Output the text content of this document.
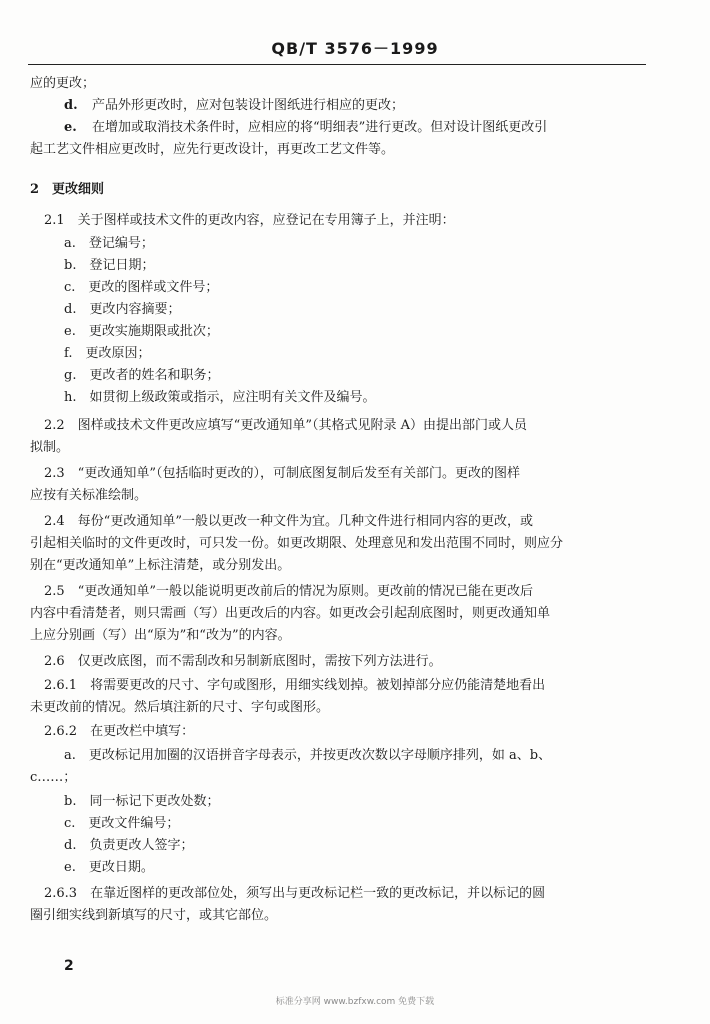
QB/T 3576－1999
应的更改；
d. 产品外形更改时，应对包装设计图纸进行相应的更改；
e. 在增加或取消技术条件时，应相应的将“明细表”进行更改。但对设计图纸更改引
起工艺文件相应更改时，应先行更改设计，再更改工艺文件等。
2　更改细则
2.1　关于图样或技术文件的更改内容，应登记在专用簿子上，并注明：
a.　登记编号；
b.　登记日期；
c.　更改的图样或文件号；
d.　更改内容摘要；
e.　更改实施期限或批次；
f.　更改原因；
g.　更改者的姓名和职务；
h.　如贯彻上级政策或指示，应注明有关文件及编号。
2.2　图样或技术文件更改应填写“更改通知单”（其格式见附录 A）由提出部门或人员
拟制。
2.3　“更改通知单”（包括临时更改的），可制底图复制后发至有关部门。更改的图样
应按有关标准绘制。
2.4　每份“更改通知单”一般以更改一种文件为宜。几种文件进行相同内容的更改，或
引起相关临时的文件更改时，可只发一份。如更改期限、处理意见和发出范围不同时，则应分
别在“更改通知单”上标注清楚，或分别发出。
2.5　“更改通知单”一般以能说明更改前后的情况为原则。更改前的情况已能在更改后
内容中看清楚者，则只需画（写）出更改后的内容。如更改会引起刮底图时，则更改通知单
上应分别画（写）出“原为”和“改为”的内容。
2.6　仅更改底图，而不需刮改和另制新底图时，需按下列方法进行。
2.6.1　将需要更改的尺寸、字句或图形，用细实线划掉。被划掉部分应仍能清楚地看出
未更改前的情况。然后填注新的尺寸、字句或图形。
2.6.2　在更改栏中填写：
a.　更改标记用加圈的汉语拼音字母表示，并按更改次数以字母顺序排列，如 a、b、
c……；
b.　同一标记下更改处数；
c.　更改文件编号；
d.　负责更改人签字；
e.　更改日期。
2.6.3　在靠近图样的更改部位处，须写出与更改标记栏一致的更改标记，并以标记的圆
圈引细实线到新填写的尺寸，或其它部位。
2
标准分享网 www.bzfxw.com 免费下载
